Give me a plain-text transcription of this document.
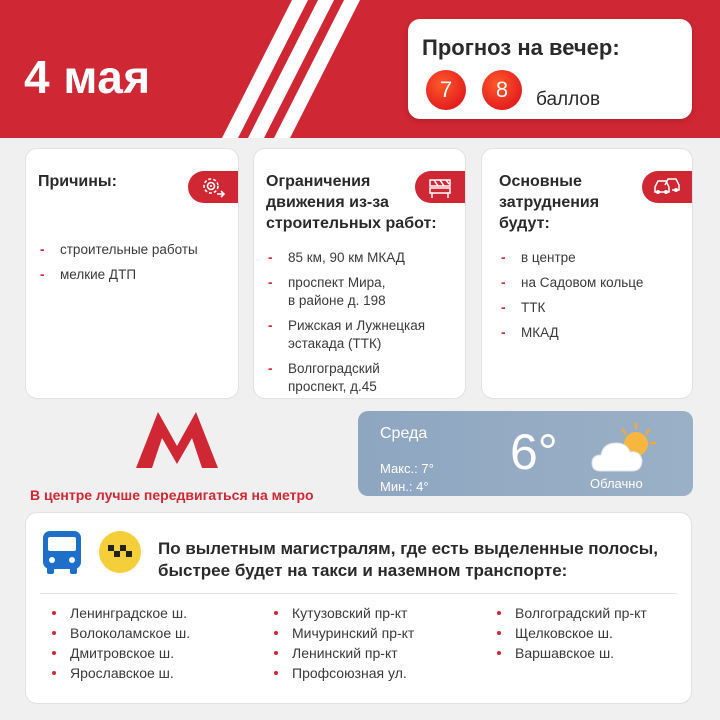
4 мая
Прогноз на вечер:
7	8	баллов
Причины:
- строительные работы
- мелкие ДТП
Ограничения
движения из-за
строительных работ:
- 85 км, 90 км МКАД
- проспект Мира,
в районе д. 198
- Рижская и Лужнецкая
эстакада (ТТК)
- Волгоградский
проспект, д.45
Основные
затруднения
будут:
- в центре
- на Садовом кольце
- ТТК
- МКАД
В центре лучше передвигаться на метро
Среда
Макс.: 7°
Мин.: 4°
6°
Облачно
По вылетным магистралям, где есть выделенные полосы,
быстрее будет на такси и наземном транспорте:
Ленинградское ш.
Волоколамское ш.
Дмитровское ш.
Ярославское ш.
Кутузовский пр-кт
Мичуринский пр-кт
Ленинский пр-кт
Профсоюзная ул.
Волгоградский пр-кт
Щелковское ш.
Варшавское ш.
